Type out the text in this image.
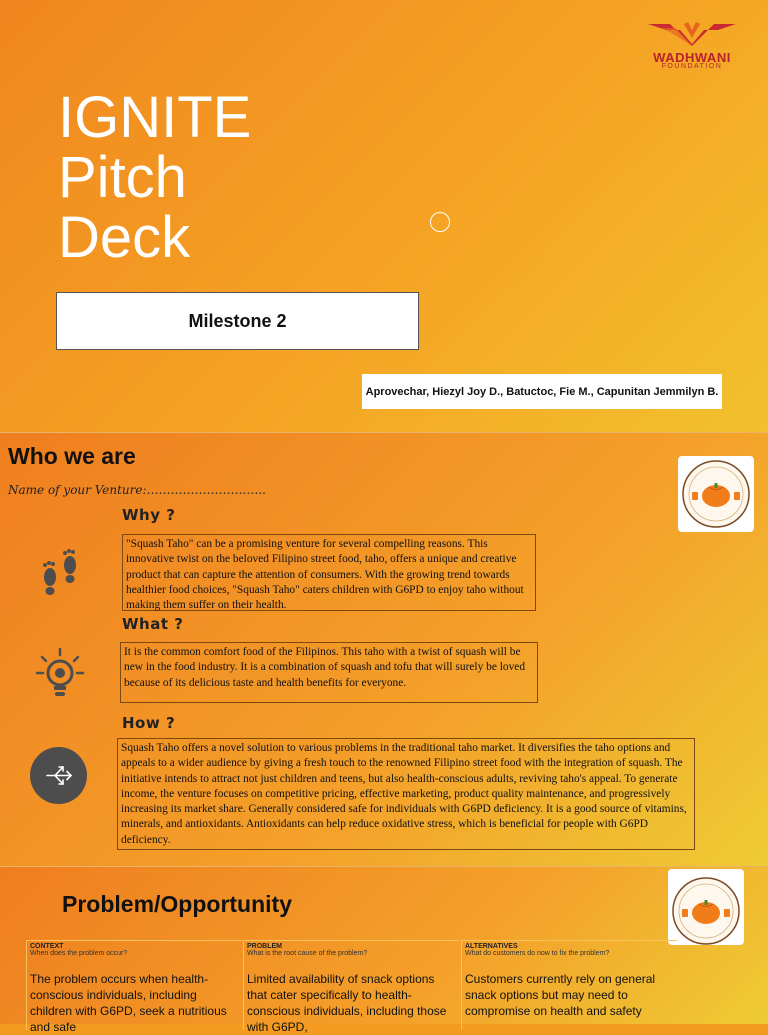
WADHWANI
FOUNDATION
IGNITE
Pitch
Deck
Milestone 2
Aprovechar, Hiezyl Joy D., Batuctoc, Fie M., Capunitan Jemmilyn B.
Who we are
Name of your Venture:…………………….…..
Why ?
"Squash Taho" can be a promising venture for several compelling reasons. This innovative twist on the beloved Filipino street food, taho, offers a unique and creative product that can capture the attention of consumers. With the growing trend towards healthier food choices, "Squash Taho" caters children with G6PD to enjoy taho without making them suffer on their health.
What ?
It is the common comfort food of the Filipinos. This taho with a twist of squash will be new in the food industry. It is a combination of squash and tofu that will surely be loved because of its delicious taste and health benefits for everyone.
How ?
Squash Taho offers a novel solution to various problems in the traditional taho market. It diversifies the taho options and appeals to a wider audience by giving a fresh touch to the renowned Filipino street food with the integration of squash. The initiative intends to attract not just children and teens, but also health-conscious adults, reviving taho's appeal. To generate income, the venture focuses on competitive pricing, effective marketing, product quality maintenance, and progressively increasing its market share. Generally considered safe for individuals with G6PD deficiency. It is a good source of vitamins, minerals, and antioxidants. Antioxidants can help reduce oxidative stress, which is beneficial for people with G6PD deficiency.
Problem/Opportunity
CONTEXT
When does the problem occur?
The problem occurs when health-conscious individuals, including children with G6PD, seek a nutritious and safe
PROBLEM
What is the root cause of the problem?
Limited availability of snack options that cater specifically to health-conscious individuals, including those with G6PD,
ALTERNATIVES
What do customers do now to fix the problem?
Customers currently rely on general snack options but may need to compromise on health and safety
